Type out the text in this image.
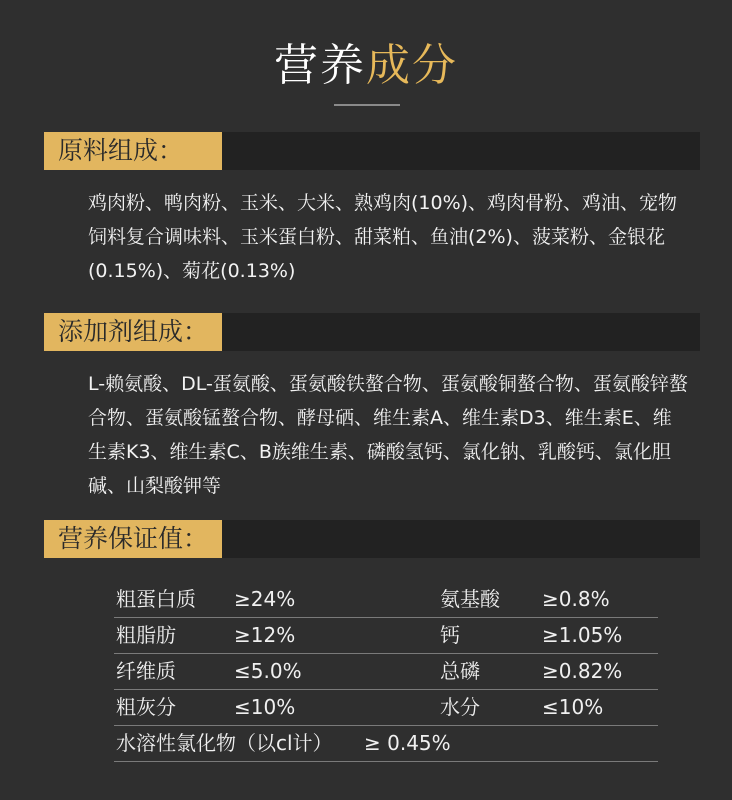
营养成分
原料组成：
鸡肉粉、鸭肉粉、玉米、大米、熟鸡肉(10%)、鸡肉骨粉、鸡油、宠物饲料复合调味料、玉米蛋白粉、甜菜粕、鱼油(2%)、菠菜粉、金银花(0.15%)、菊花(0.13%)
添加剂组成：
L-赖氨酸、DL-蛋氨酸、蛋氨酸铁螯合物、蛋氨酸铜螯合物、蛋氨酸锌螯合物、蛋氨酸锰螯合物、酵母硒、维生素A、维生素D3、维生素E、维生素K3、维生素C、B族维生素、磷酸氢钙、氯化钠、乳酸钙、氯化胆碱、山梨酸钾等
营养保证值：
粗蛋白质 ≥24%	氨基酸 ≥0.8%
粗脂肪	≥12%	钙	≥1.05%
纤维质	≤5.0%	总磷	≥0.82%
粗灰分	≤10%	水分	≤10%
水溶性氯化物（以cl计） ≥ 0.45%
